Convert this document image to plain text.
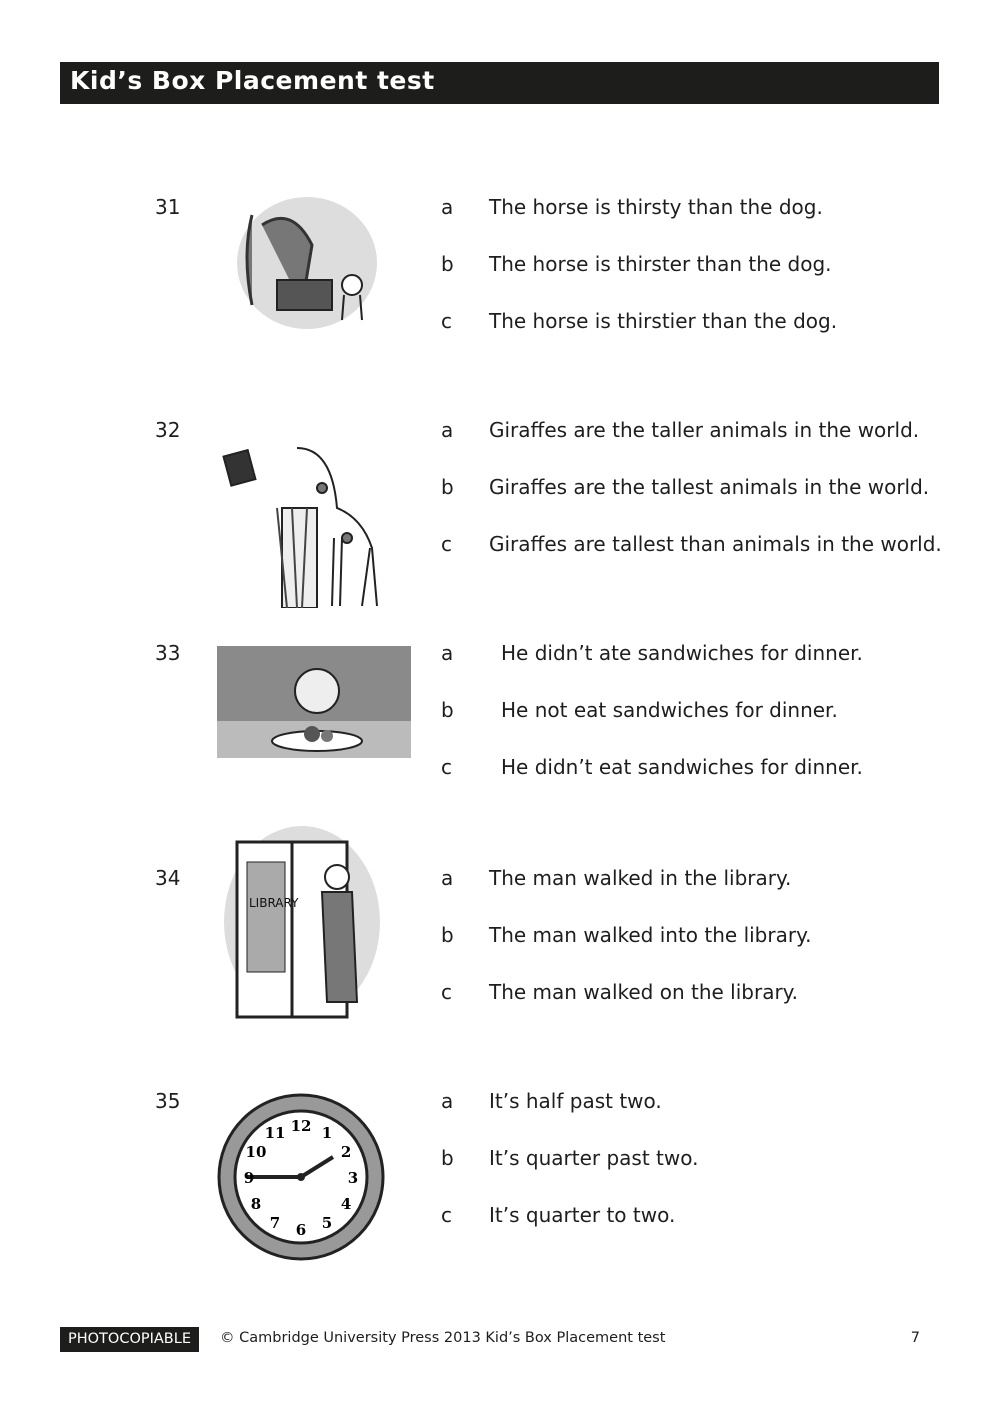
Kid’s Box Placement test
31	a The horse is thirsty than the dog.
b The horse is thirster than the dog.
c The horse is thirstier than the dog.
32	a Giraffes are the taller animals in the world.
b Giraffes are the tallest animals in the world.
c Giraffes are tallest than animals in the world.
33	a He didn’t ate sandwiches for dinner.
b He not eat sandwiches for dinner.
c He didn’t eat sandwiches for dinner.
34	a The man walked in the library.
b The man walked into the library.
c The man walked on the library.
35	a It’s half past two.
b It’s quarter past two.
c It’s quarter to two.
NEW BIG MATHS
LIBRARY
12 1
2
3
4
5
6
7
8
9
10
11
PHOTOCOPIABLE	© Cambridge University Press 2013 Kid’s Box Placement test	7
